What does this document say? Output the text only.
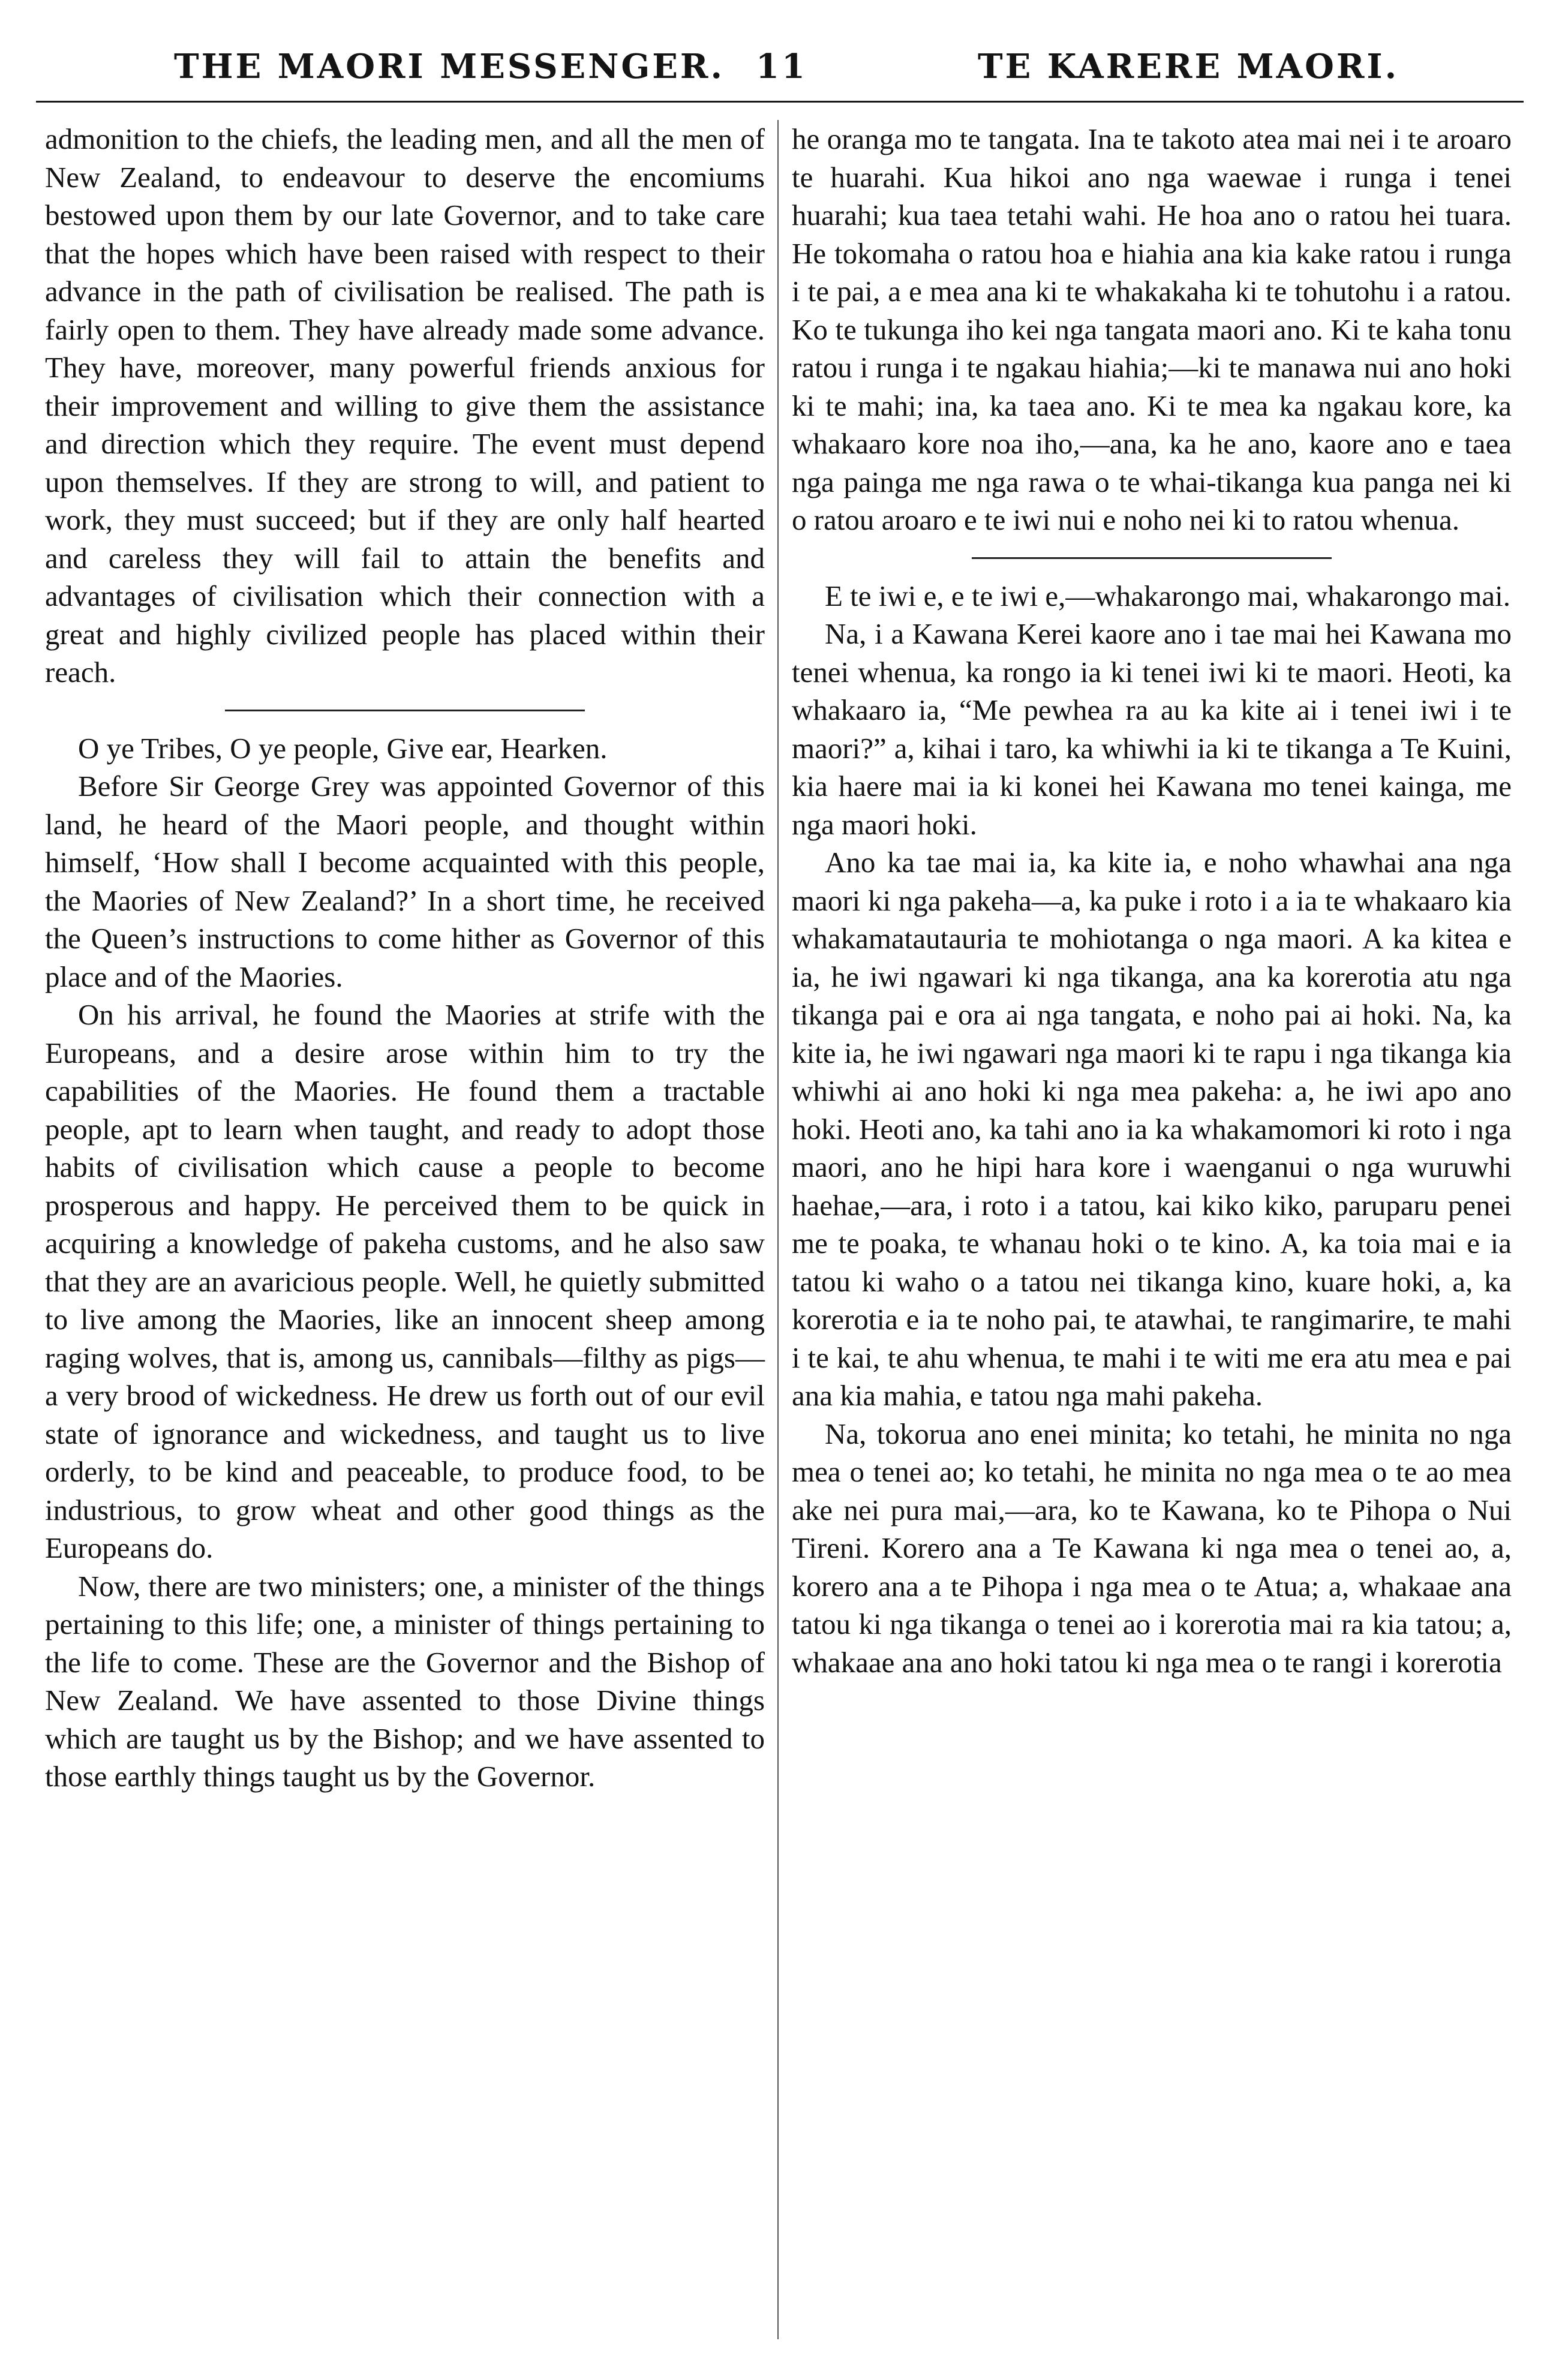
THE MAORI MESSENGER. 11	TE KARERE MAORI.

admonition to the chiefs, the leading men, and all the men of New Zealand, to endeavour to deserve the encomiums bestowed upon them by our late Governor, and to take care that the hopes which have been raised with respect to their advance in the path of civilisation be realised. The path is fairly open to them. They have already made some advance. They have, moreover, many powerful friends anxious for their improvement and willing to give them the assistance and direction which they require. The event must depend upon themselves. If they are strong to will, and patient to work, they must succeed; but if they are only half hearted and careless they will fail to attain the benefits and advantages of civilisation which their connection with a great and highly civilized people has placed within their reach.

O ye Tribes, O ye people, Give ear, Hearken.

Before Sir George Grey was appointed Governor of this land, he heard of the Maori people, and thought within himself, ‘How shall I become acquainted with this people, the Maories of New Zealand?’ In a short time, he received the Queen’s instructions to come hither as Governor of this place and of the Maories.

On his arrival, he found the Maories at strife with the Europeans, and a desire arose within him to try the capabilities of the Maories. He found them a tractable people, apt to learn when taught, and ready to adopt those habits of civilisation which cause a people to become prosperous and happy. He perceived them to be quick in acquiring a knowledge of pakeha customs, and he also saw that they are an avaricious people. Well, he quietly submitted to live among the Maories, like an innocent sheep among raging wolves, that is, among us, cannibals—filthy as pigs—a very brood of wickedness. He drew us forth out of our evil state of ignorance and wickedness, and taught us to live orderly, to be kind and peaceable, to produce food, to be industrious, to grow wheat and other good things as the Europeans do.

Now, there are two ministers; one, a minister of the things pertaining to this life; one, a minister of things pertaining to the life to come. These are the Governor and the Bishop of New Zealand. We have assented to those Divine things which are taught us by the Bishop; and we have assented to those earthly things taught us by the Governor.

he oranga mo te tangata. Ina te takoto atea mai nei i te aroaro te huarahi. Kua hikoi ano nga waewae i runga i tenei huarahi; kua taea tetahi wahi. He hoa ano o ratou hei tuara. He tokomaha o ratou hoa e hiahia ana kia kake ratou i runga i te pai, a e mea ana ki te whakakaha ki te tohutohu i a ratou. Ko te tukunga iho kei nga tangata maori ano. Ki te kaha tonu ratou i runga i te ngakau hiahia;—ki te manawa nui ano hoki ki te mahi; ina, ka taea ano. Ki te mea ka ngakau kore, ka whakaaro kore noa iho,—ana, ka he ano, kaore ano e taea nga painga me nga rawa o te whai-tikanga kua panga nei ki o ratou aroaro e te iwi nui e noho nei ki to ratou whenua.

E te iwi e, e te iwi e,—whakarongo mai, whakarongo mai.

Na, i a Kawana Kerei kaore ano i tae mai hei Kawana mo tenei whenua, ka rongo ia ki tenei iwi ki te maori. Heoti, ka whakaaro ia, “Me pewhea ra au ka kite ai i tenei iwi i te maori?” a, kihai i taro, ka whiwhi ia ki te tikanga a Te Kuini, kia haere mai ia ki konei hei Kawana mo tenei kainga, me nga maori hoki.

Ano ka tae mai ia, ka kite ia, e noho whawhai ana nga maori ki nga pakeha—a, ka puke i roto i a ia te whakaaro kia whakamatautauria te mohiotanga o nga maori. A ka kitea e ia, he iwi ngawari ki nga tikanga, ana ka korerotia atu nga tikanga pai e ora ai nga tangata, e noho pai ai hoki. Na, ka kite ia, he iwi ngawari nga maori ki te rapu i nga tikanga kia whiwhi ai ano hoki ki nga mea pakeha: a, he iwi apo ano hoki. Heoti ano, ka tahi ano ia ka whakamomori ki roto i nga maori, ano he hipi hara kore i waenganui o nga wuruwhi haehae,—ara, i roto i a tatou, kai kiko kiko, paruparu penei me te poaka, te whanau hoki o te kino. A, ka toia mai e ia tatou ki waho o a tatou nei tikanga kino, kuare hoki, a, ka korerotia e ia te noho pai, te atawhai, te rangimarire, te mahi i te kai, te ahu whenua, te mahi i te witi me era atu mea e pai ana kia mahia, e tatou nga mahi pakeha.

Na, tokorua ano enei minita; ko tetahi, he minita no nga mea o tenei ao; ko tetahi, he minita no nga mea o te ao mea ake nei pura mai,—ara, ko te Kawana, ko te Pihopa o Nui Tireni. Korero ana a Te Kawana ki nga mea o tenei ao, a, korero ana a te Pihopa i nga mea o te Atua; a, whakaae ana tatou ki nga tikanga o tenei ao i korerotia mai ra kia tatou; a, whakaae ana ano hoki tatou ki nga mea o te rangi i korerotia
